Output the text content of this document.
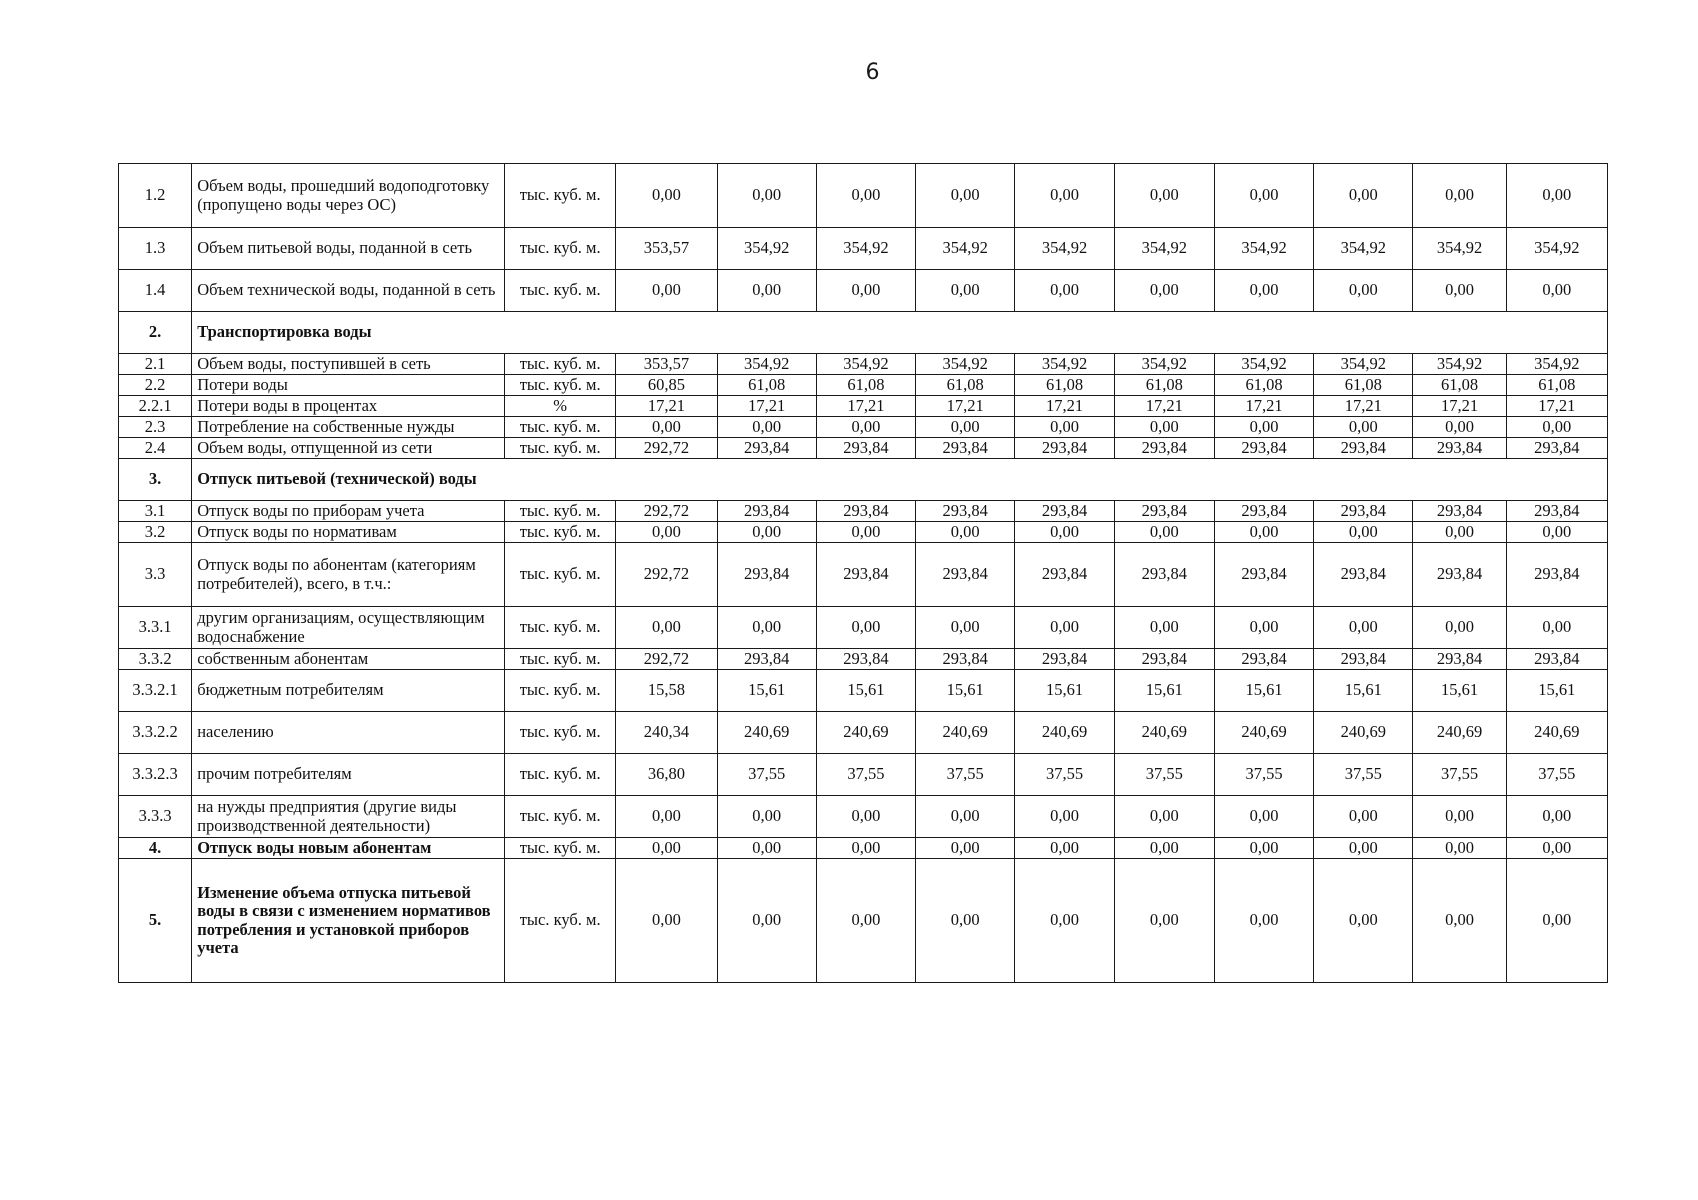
6
1.2	Объем воды, прошедший водоподготовку (пропущено воды через ОС)	тыс. куб. м.	0,00	0,00	0,00	0,00	0,00	0,00	0,00	0,00	0,00	0,00
1.3	Объем питьевой воды, поданной в сеть	тыс. куб. м.	353,57	354,92	354,92	354,92	354,92	354,92	354,92	354,92	354,92	354,92
1.4	Объем технической воды, поданной в сеть	тыс. куб. м.	0,00	0,00	0,00	0,00	0,00	0,00	0,00	0,00	0,00	0,00
2.	Транспортировка воды											
2.1	Объем воды, поступившей в сеть	тыс. куб. м.	353,57	354,92	354,92	354,92	354,92	354,92	354,92	354,92	354,92	354,92
2.2	Потери воды	тыс. куб. м.	60,85	61,08	61,08	61,08	61,08	61,08	61,08	61,08	61,08	61,08
2.2.1	Потери воды в процентах	%	17,21	17,21	17,21	17,21	17,21	17,21	17,21	17,21	17,21	17,21
2.3	Потребление на собственные нужды	тыс. куб. м.	0,00	0,00	0,00	0,00	0,00	0,00	0,00	0,00	0,00	0,00
2.4	Объем воды, отпущенной из сети	тыс. куб. м.	292,72	293,84	293,84	293,84	293,84	293,84	293,84	293,84	293,84	293,84
3.	Отпуск питьевой (технической) воды											
3.1	Отпуск воды по приборам учета	тыс. куб. м.	292,72	293,84	293,84	293,84	293,84	293,84	293,84	293,84	293,84	293,84
3.2	Отпуск воды по нормативам	тыс. куб. м.	0,00	0,00	0,00	0,00	0,00	0,00	0,00	0,00	0,00	0,00
3.3	Отпуск воды по абонентам (категориям потребителей), всего, в т.ч.:	тыс. куб. м.	292,72	293,84	293,84	293,84	293,84	293,84	293,84	293,84	293,84	293,84
3.3.1	другим организациям, осуществляющим водоснабжение	тыс. куб. м.	0,00	0,00	0,00	0,00	0,00	0,00	0,00	0,00	0,00	0,00
3.3.2	собственным абонентам	тыс. куб. м.	292,72	293,84	293,84	293,84	293,84	293,84	293,84	293,84	293,84	293,84
3.3.2.1	бюджетным потребителям	тыс. куб. м.	15,58	15,61	15,61	15,61	15,61	15,61	15,61	15,61	15,61	15,61
3.3.2.2	населению	тыс. куб. м.	240,34	240,69	240,69	240,69	240,69	240,69	240,69	240,69	240,69	240,69
3.3.2.3	прочим потребителям	тыс. куб. м.	36,80	37,55	37,55	37,55	37,55	37,55	37,55	37,55	37,55	37,55
3.3.3	на нужды предприятия (другие виды производственной деятельности)	тыс. куб. м.	0,00	0,00	0,00	0,00	0,00	0,00	0,00	0,00	0,00	0,00
4.	Отпуск воды новым абонентам	тыс. куб. м.	0,00	0,00	0,00	0,00	0,00	0,00	0,00	0,00	0,00	0,00
5.	Изменение объема отпуска питьевой воды в связи с изменением нормативов потребления и установкой приборов учета	тыс. куб. м.	0,00	0,00	0,00	0,00	0,00	0,00	0,00	0,00	0,00	0,00
